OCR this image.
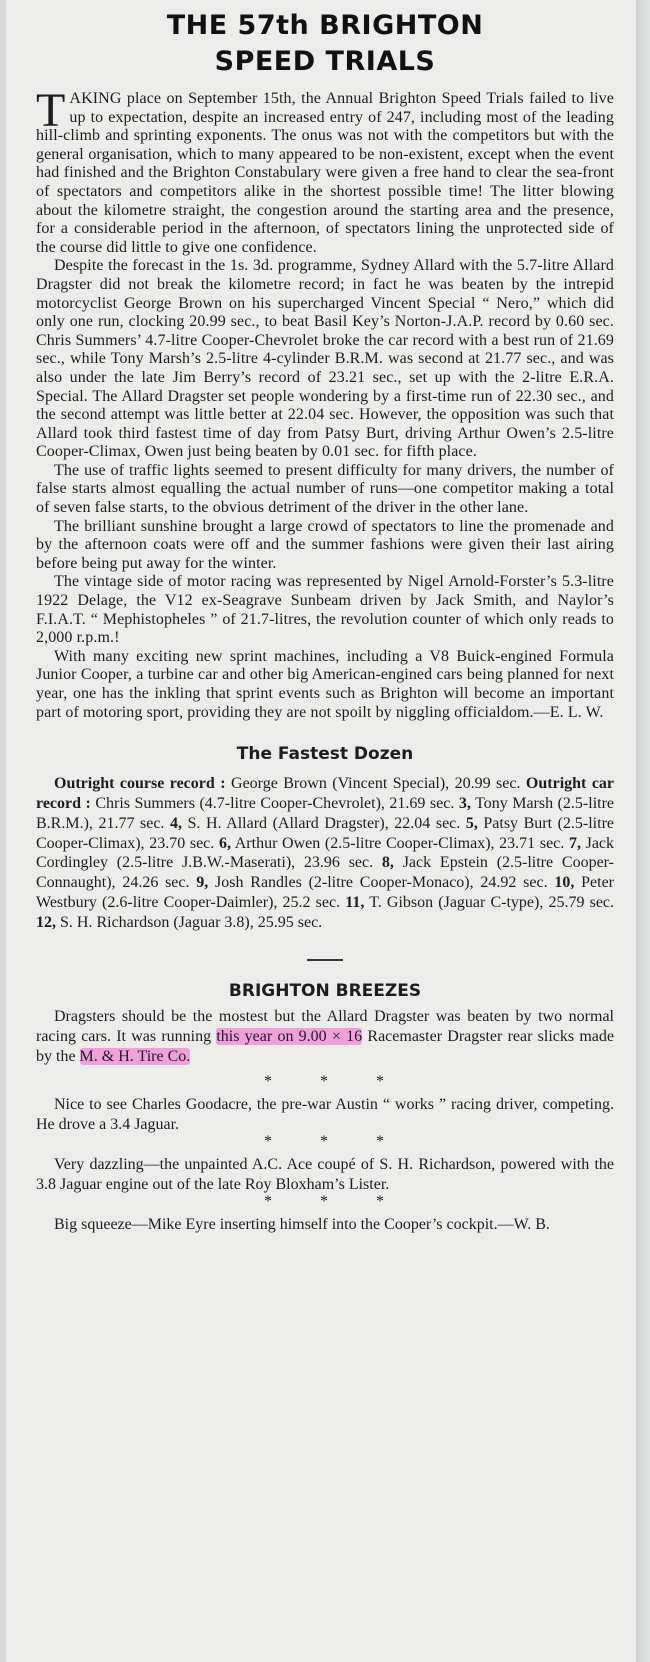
THE 57th BRIGHTON
SPEED TRIALS

TAKING place on September 15th, the Annual Brighton Speed Trials failed to live up to expectation, despite an increased entry of 247, including most of the leading hill-climb and sprinting exponents. The onus was not with the competitors but with the general organisation, which to many appeared to be non-existent, except when the event had finished and the Brighton Constabulary were given a free hand to clear the sea-front of spectators and competitors alike in the shortest possible time! The litter blowing about the kilometre straight, the congestion around the starting area and the presence, for a considerable period in the afternoon, of spectators lining the unprotected side of the course did little to give one confidence.

Despite the forecast in the 1s. 3d. programme, Sydney Allard with the 5.7-litre Allard Dragster did not break the kilometre record; in fact he was beaten by the intrepid motorcyclist George Brown on his supercharged Vincent Special “ Nero,” which did only one run, clocking 20.99 sec., to beat Basil Key’s Norton-J.A.P. record by 0.60 sec. Chris Summers’ 4.7-litre Cooper-Chevrolet broke the car record with a best run of 21.69 sec., while Tony Marsh’s 2.5-litre 4-cylinder B.R.M. was second at 21.77 sec., and was also under the late Jim Berry’s record of 23.21 sec., set up with the 2-litre E.R.A. Special. The Allard Dragster set people wondering by a first-time run of 22.30 sec., and the second attempt was little better at 22.04 sec. However, the opposition was such that Allard took third fastest time of day from Patsy Burt, driving Arthur Owen’s 2.5-litre Cooper-Climax, Owen just being beaten by 0.01 sec. for fifth place.

The use of traffic lights seemed to present difficulty for many drivers, the number of false starts almost equalling the actual number of runs—one competitor making a total of seven false starts, to the obvious detriment of the driver in the other lane.

The brilliant sunshine brought a large crowd of spectators to line the promenade and by the afternoon coats were off and the summer fashions were given their last airing before being put away for the winter.

The vintage side of motor racing was represented by Nigel Arnold-Forster’s 5.3-litre 1922 Delage, the V12 ex-Seagrave Sunbeam driven by Jack Smith, and Naylor’s F.I.A.T. “ Mephistopheles ” of 21.7-litres, the revolution counter of which only reads to 2,000 r.p.m.!

With many exciting new sprint machines, including a V8 Buick-engined Formula Junior Cooper, a turbine car and other big American-engined cars being planned for next year, one has the inkling that sprint events such as Brighton will become an important part of motoring sport, providing they are not spoilt by niggling officialdom.—E. L. W.

The Fastest Dozen

Outright course record : George Brown (Vincent Special), 20.99 sec. Outright car record : Chris Summers (4.7-litre Cooper-Chevrolet), 21.69 sec. 3, Tony Marsh (2.5-litre B.R.M.), 21.77 sec. 4, S. H. Allard (Allard Dragster), 22.04 sec. 5, Patsy Burt (2.5-litre Cooper-Climax), 23.70 sec. 6, Arthur Owen (2.5-litre Cooper-Climax), 23.71 sec. 7, Jack Cordingley (2.5-litre J.B.W.-Maserati), 23.96 sec. 8, Jack Epstein (2.5-litre Cooper-Connaught), 24.26 sec. 9, Josh Randles (2-litre Cooper-Monaco), 24.92 sec. 10, Peter Westbury (2.6-litre Cooper-Daimler), 25.2 sec. 11, T. Gibson (Jaguar C-type), 25.79 sec. 12, S. H. Richardson (Jaguar 3.8), 25.95 sec.

BRIGHTON BREEZES

Dragsters should be the mostest but the Allard Dragster was beaten by two normal racing cars. It was running this year on 9.00 × 16 Racemaster Dragster rear slicks made by the M. & H. Tire Co.

* * *

Nice to see Charles Goodacre, the pre-war Austin “ works ” racing driver, competing. He drove a 3.4 Jaguar.

* * *

Very dazzling—the unpainted A.C. Ace coupé of S. H. Richardson, powered with the 3.8 Jaguar engine out of the late Roy Bloxham’s Lister.

* * *

Big squeeze—Mike Eyre inserting himself into the Cooper’s cockpit.—W. B.
